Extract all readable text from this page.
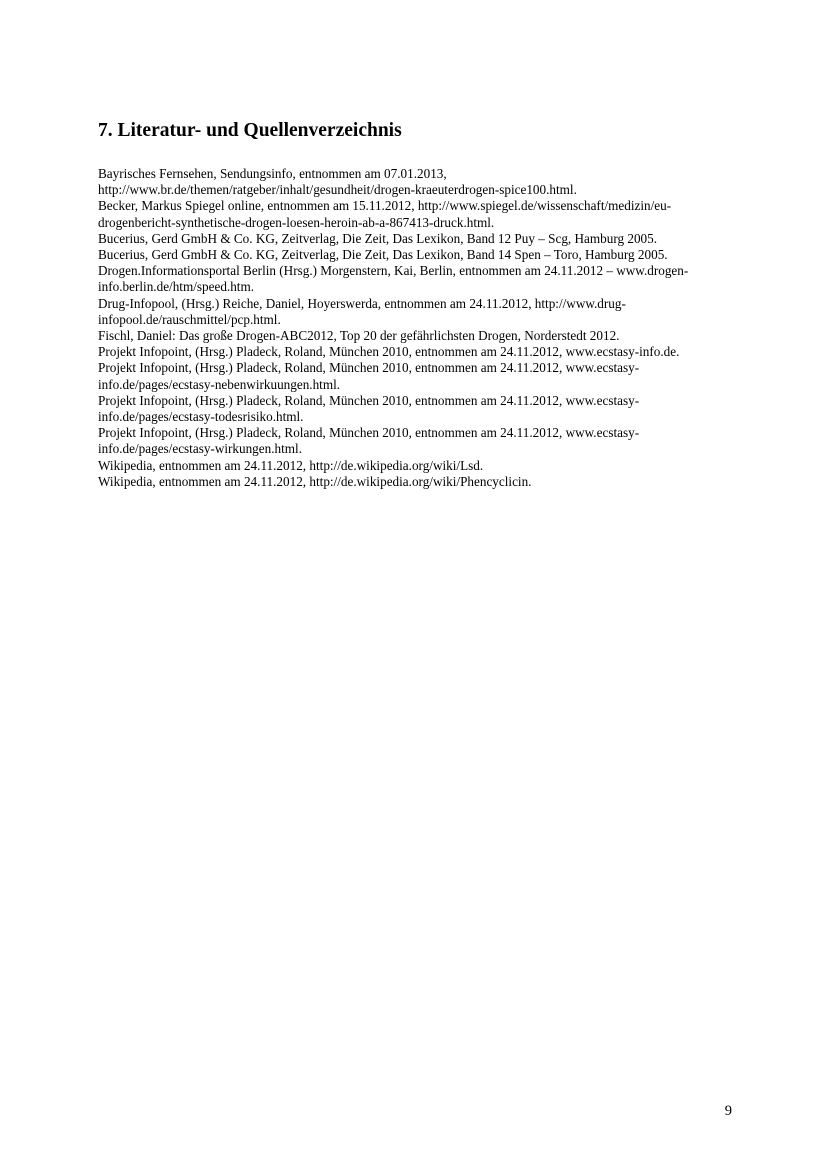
7. Literatur- und Quellenverzeichnis
Bayrisches Fernsehen, Sendungsinfo, entnommen am 07.01.2013,
http://www.br.de/themen/ratgeber/inhalt/gesundheit/drogen-kraeuterdrogen-spice100.html.
Becker, Markus Spiegel online, entnommen am 15.11.2012, http://www.spiegel.de/wissenschaft/medizin/eu-
drogenbericht-synthetische-drogen-loesen-heroin-ab-a-867413-druck.html.
Bucerius, Gerd GmbH & Co. KG, Zeitverlag, Die Zeit, Das Lexikon, Band 12 Puy – Scg, Hamburg 2005.
Bucerius, Gerd GmbH & Co. KG, Zeitverlag, Die Zeit, Das Lexikon, Band 14 Spen – Toro, Hamburg 2005.
Drogen.Informationsportal Berlin (Hrsg.) Morgenstern, Kai, Berlin, entnommen am 24.11.2012 – www.drogen-
info.berlin.de/htm/speed.htm.
Drug-Infopool, (Hrsg.) Reiche, Daniel, Hoyerswerda, entnommen am 24.11.2012, http://www.drug-
infopool.de/rauschmittel/pcp.html.
Fischl, Daniel: Das große Drogen-ABC2012, Top 20 der gefährlichsten Drogen, Norderstedt 2012.
Projekt Infopoint, (Hrsg.) Pladeck, Roland, München 2010, entnommen am 24.11.2012, www.ecstasy-info.de.
Projekt Infopoint, (Hrsg.) Pladeck, Roland, München 2010, entnommen am 24.11.2012, www.ecstasy-
info.de/pages/ecstasy-nebenwirkuungen.html.
Projekt Infopoint, (Hrsg.) Pladeck, Roland, München 2010, entnommen am 24.11.2012, www.ecstasy-
info.de/pages/ecstasy-todesrisiko.html.
Projekt Infopoint, (Hrsg.) Pladeck, Roland, München 2010, entnommen am 24.11.2012, www.ecstasy-
info.de/pages/ecstasy-wirkungen.html.
Wikipedia, entnommen am 24.11.2012, http://de.wikipedia.org/wiki/Lsd.
Wikipedia, entnommen am 24.11.2012, http://de.wikipedia.org/wiki/Phencyclicin.
9
